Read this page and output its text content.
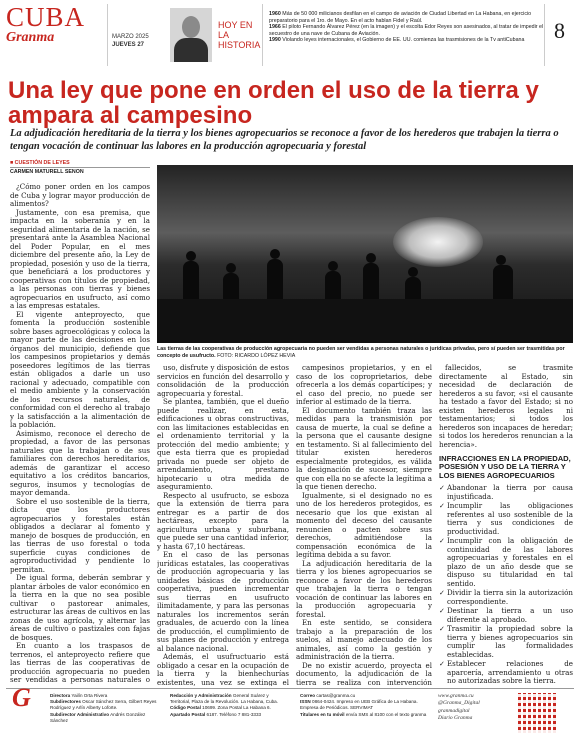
CUBA
Granma	MARZO 2025
JUEVES 27
HOY EN LA HISTORIA
1960 Más de 50 000 milicianos desfilan en el campo de aviación de Ciudad Libertad en La Habana, en ejercicio preparatorio para el 1ro. de Mayo. En el acto hablan Fidel y Raúl.
1966 El piloto Fernando Álvarez Pérez (en la imagen) y el escolta Edor Reyes son asesinados, al tratar de impedir el secuestro de una nave de Cubana de Aviación.
1990 Violando leyes internacionales, el Gobierno de EE. UU. comienza las trasmisiones de la Tv antiCubana	8
Una ley que pone en orden el uso de la tierra y ampara al campesino
La adjudicación hereditaria de la tierra y los bienes agropecuarios se reconoce a favor de los herederos que trabajen la tierra o tengan vocación de continuar las labores en la producción agropecuaria y forestal
■ CUESTIÓN DE LEYES
CARMEN MATURELL SENON

¿Cómo poner orden en los campos de Cuba y lograr mayor producción de alimentos?

Justamente, con esa premisa, que impacta en la soberanía y en la seguridad alimentaria de la nación, se presentará ante la Asamblea Nacional del Poder Popular, en el mes diciembre del presente año, la Ley de propiedad, posesión y uso de la tierra, que beneficiará a los productores y cooperativas con títulos de propiedad, a las personas con tierras y bienes agropecuarios en usufructo, así como a las empresas estatales.

El vigente anteproyecto, que fomenta la producción sostenible sobre bases agroecológicas y coloca la mayor parte de las decisiones en los órganos del municipio, defiende que los campesinos propietarios y demás poseedores legítimos de las tierras están obligados a darle un uso racional y adecuado, compatible con el medio ambiente y la conservación de los recursos naturales, de conformidad con el derecho al trabajo y la satisfacción a la alimentación de la población.

Asimismo, reconoce el derecho de propiedad, a favor de las personas naturales que la trabajan o de sus familiares con derechos hereditarios, además de garantizar el acceso equitativo a los créditos bancarios, seguros, insumos y tecnologías de mayor demanda.

Sobre el uso sostenible de la tierra, dicta que los productores agropecuarios y forestales están obligados a declarar al fomento y manejo de bosques de producción, en las tierras de uso forestal o toda superficie cuyas condiciones de agroproductividad y pendiente lo permitan.

De igual forma, deberán sembrar y plantar árboles de valor económico en la tierra en la que no sea posible cultivar o pastorear animales, estructurar las áreas de cultivos en las zonas de uso agrícola, y alternar las áreas de cultivo o pastizales con fajas de bosques.

En cuanto a los traspasos de terrenos, el anteproyecto refiere que las tierras de las cooperativas de producción agropecuaria no pueden ser vendidas a personas naturales o

Las tierras de las cooperativas de producción agropecuaria no pueden ser vendidas a personas naturales o jurídicas privadas, pero sí pueden ser trasmitidas por concepto de usufructo. FOTO: RICARDO LÓPEZ HEVIA

uso, disfrute y disposición de estos servicios en función del desarrollo y consolidación de la producción agropecuaria y forestal.

Se plantea, también, que el dueño puede realizar, en esta, edificaciones u obras constructivas, con las limitaciones establecidas en el ordenamiento territorial y la protección del medio ambiente; y que esta tierra que es propiedad privada no puede ser objeto de arrendamiento, prestamo hipotecario u otra medida de aseguramiento.

Respecto al usufructo, se esboza que la extensión de tierra para entregar es a partir de dos hectáreas, excepto para la agricultura urbana y suburbana, que puede ser una cantidad inferior, y hasta 67,10 hectáreas.

En el caso de las personas jurídicas estatales, las cooperativas de producción agropecuaria y las unidades básicas de producción cooperativa, pueden incrementar sus tierras en usufructo ilimitadamente, y para las personas naturales los incrementos serán graduales, de acuerdo con la línea de producción, el cumplimiento de sus planes de producción y entrega al balance nacional.

Además, el usufructuario está obligado a cesar en la ocupación de la tierra y la bienhechurías existentes, una vez se extinga el

campesinos propietarios, y en el caso de los coproprietarios, debe ofrecerla a los demás copartícipes; y el caso del precio, no puede ser inferior al estimado de la tierra.

El documento también traza las medidas para la transmisión por causa de muerte, la cual se define a la persona que el causante designe en testamento. Si al fallecimiento del titular existen herederos especialmente protegidos, es válida la designación de sucesor, siempre que con ella no se afecte la legítima a la que tienen derecho.

Igualmente, si el designado no es uno de los herederos protegidos, es necesario que los que existan al momento del deceso del causante renuncien o pacten sobre sus derechos, admitiéndose la compensación económica de la legítima debida a su favor.

La adjudicación hereditaria de la tierra y los bienes agropecuarios se reconoce a favor de los herederos que trabajen la tierra o tengan vocación de continuar las labores en la producción agropecuaria y forestal.

En este sentido, se considera trabajo a la preparación de los suelos, al manejo adecuado de los animales, así como la gestión y administración de la tierra.

De no existir acuerdo, proyecta el documento, la adjudicación de la tierra se realiza con intervención

fallecidos, se trasmite directamente al Estado, sin necesidad de declaración de herederos a su favor, «si el causante ha testado a favor del Estado; si no existen herederos legales ni testamentarios; si todos los herederos son incapaces de heredar; si todos los herederos renuncian a la herencia».

INFRACCIONES EN LA PROPIEDAD, POSESIÓN Y USO DE LA TIERRA Y LOS BIENES AGROPECUARIOS
✓ Abandonar la tierra por causa injustificada.
✓ Incumplir las obligaciones referentes al uso sostenible de la tierra y sus condiciones de productividad.
✓ Incumplir con la obligación de continuidad de las labores agropecuarias y forestales en el plazo de un año desde que se dispuso su titularidad en tal sentido.
✓ Dividir la tierra sin la autorización correspondiente.
✓ Destinar la tierra a un uso diferente al aprobado.
✓ Trasmitir la propiedad sobre la tierra y bienes agropecuarios sin cumplir las formalidades establecidas.
✓ Establecer relaciones de aparcería, arrendamiento u otras no autorizadas sobre la tierra.
G	Directora Yailín Orta Rivera
Subdirectores Oscar Sánchez Serra, Gilbert Reyes
Rodríguez y Arlín Alberty Loforte.
Subdirector Administrativo Andrés González Sánchez
Redacción y Administración General Suárez y
Territorial, Plaza de la Revolución. La Habana, Cuba.
Código Postal 10699. Zona Postal La Habana 6.
Apartado Postal 6187. Teléfono 7 881-3333
Correo cartas@granma.cu
ISSN 0864-0424. Impreso en UEB Gráfica de La Habana.
Empresa de Periódicos. SERVIMAT
Titulares en tu móvil envía SMS al 8100 con el texto granma
www.granma.cu
@Granma_Digital
granmadigital
Diario Granma
